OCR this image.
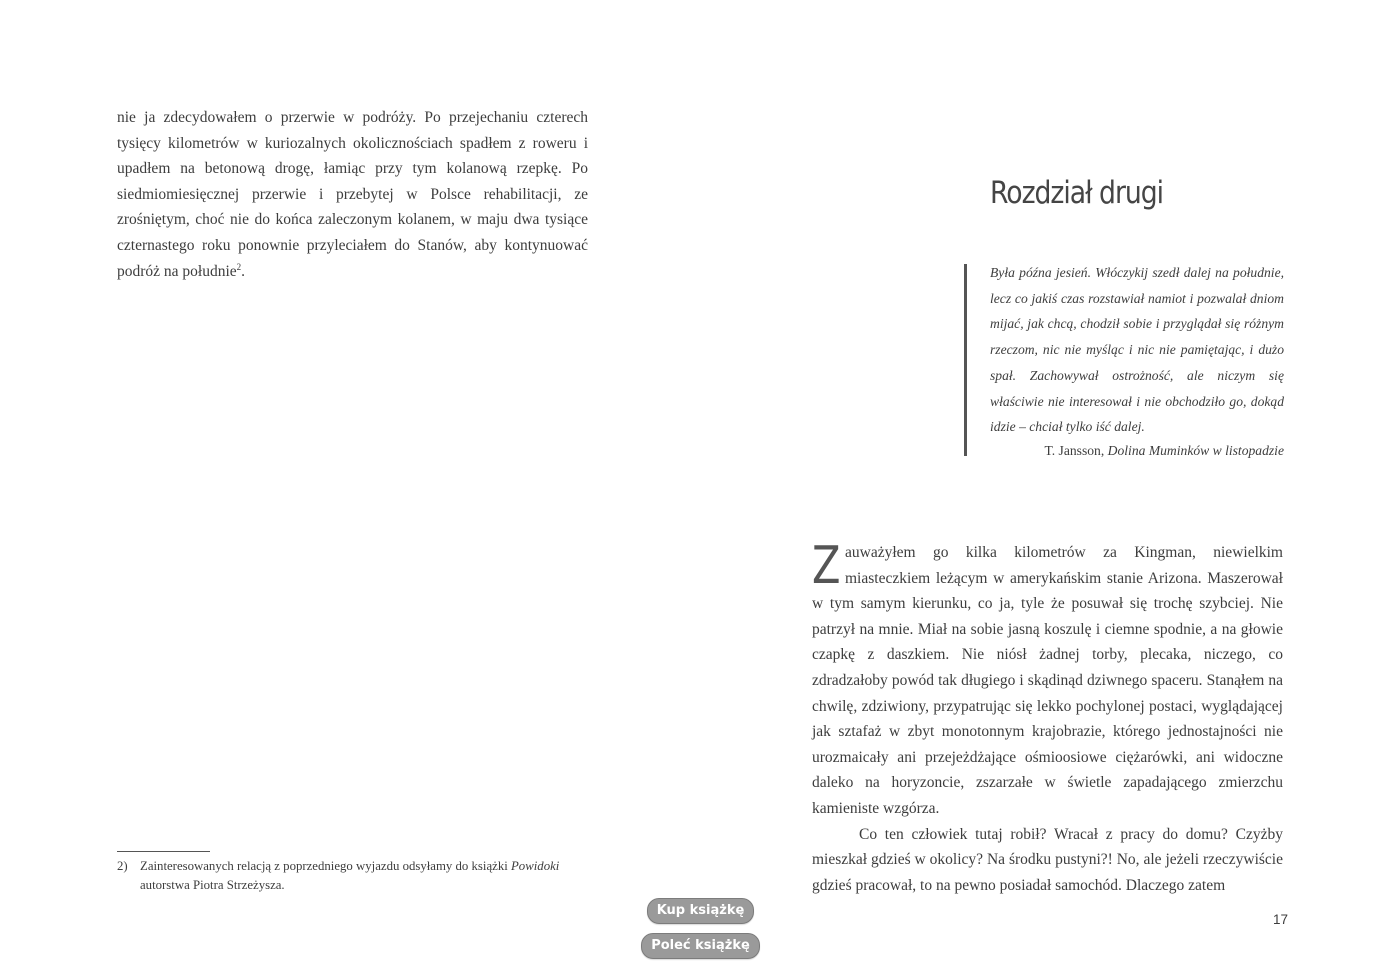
nie ja zdecydowałem o przerwie w podróży. Po przejechaniu czterech tysięcy kilometrów w kuriozalnych okolicznościach spadłem z roweru i upadłem na betonową drogę, łamiąc przy tym kolanową rzepkę. Po siedmiomiesięcznej przerwie i przebytej w Polsce rehabilitacji, ze zrośniętym, choć nie do końca zaleczonym kolanem, w maju dwa tysiące czternastego roku ponownie przyleciałem do Stanów, aby kontynuować podróż na południe$^2$.

2) Zainteresowanych relacją z poprzedniego wyjazdu odsyłamy do książki Powidoki autorstwa Piotra Strzeżysza.
Rozdział drugi

Była późna jesień. Włóczykij szedł dalej na południe, lecz co jakiś czas rozstawiał namiot i pozwalał dniom mijać, jak chcą, chodził sobie i przyglądał się różnym rzeczom, nic nie myśląc i nic nie pamiętając, i dużo spał. Zachowywał ostrożność, ale niczym się właściwie nie interesował i nie obchodziło go, dokąd idzie – chciał tylko iść dalej.

T. Jansson, Dolina Muminków w listopadzie

Zauważyłem go kilka kilometrów za Kingman, niewielkim miasteczkiem leżącym w amerykańskim stanie Arizona. Maszerował w tym samym kierunku, co ja, tyle że posuwał się trochę szybciej. Nie patrzył na mnie. Miał na sobie jasną koszulę i ciemne spodnie, a na głowie czapkę z daszkiem. Nie niósł żadnej torby, plecaka, niczego, co zdradzałoby powód tak długiego i skądinąd dziwnego spaceru. Stanąłem na chwilę, zdziwiony, przypatrując się lekko pochylonej postaci, wyglądającej jak sztafaż w zbyt monotonnym krajobrazie, którego jednostajności nie urozmaicały ani przejeżdżające ośmioosiowe ciężarówki, ani widoczne daleko na horyzoncie, zszarzałe w świetle zapadającego zmierzchu kamieniste wzgórza.

Co ten człowiek tutaj robił? Wracał z pracy do domu? Czyżby mieszkał gdzieś w okolicy? Na środku pustyni?! No, ale jeżeli rzeczywiście gdzieś pracował, to na pewno posiadał samochód. Dlaczego zatem

17
Kup książkę
Poleć książkę
